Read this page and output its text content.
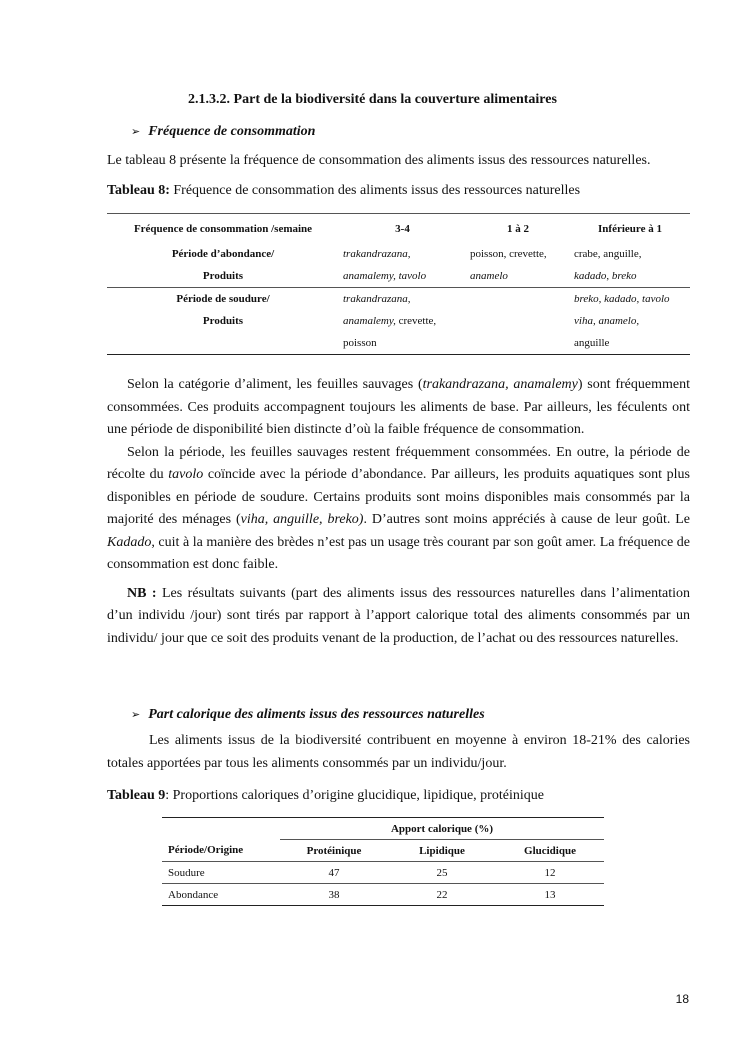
2.1.3.2. Part de la biodiversité dans la couverture alimentaires
➢ Fréquence de consommation
Le tableau 8 présente la fréquence de consommation des aliments issus des ressources naturelles.
Tableau 8: Fréquence de consommation des aliments issus des ressources naturelles
Fréquence de consommation /semaine	3-4	1 à 2	Inférieure à 1
Période d’abondance/	trakandrazana,	poisson, crevette,	crabe, anguille,
Produits	anamalemy, tavolo	anamelo	kadado, breko
Période de soudure/	trakandrazana,		breko, kadado, tavolo
Produits	anamalemy, crevette,		viha, anamelo,
	poisson		anguille

Selon la catégorie d’aliment, les feuilles sauvages (trakandrazana, anamalemy) sont fréquemment consommées. Ces produits accompagnent toujours les aliments de base. Par ailleurs, les féculents ont une période de disponibilité bien distincte d’où la faible fréquence de consommation.

Selon la période, les feuilles sauvages restent fréquemment consommées. En outre, la période de récolte du tavolo coïncide avec la période d’abondance. Par ailleurs, les produits aquatiques sont plus disponibles en période de soudure. Certains produits sont moins disponibles mais consommés par la majorité des ménages (viha, anguille, breko). D’autres sont moins appréciés à cause de leur goût. Le Kadado, cuit à la manière des brèdes n’est pas un usage très courant par son goût amer. La fréquence de consommation est donc faible.

NB : Les résultats suivants (part des aliments issus des ressources naturelles dans l’alimentation d’un individu /jour) sont tirés par rapport à l’apport calorique total des aliments consommés par un individu/ jour que ce soit des produits venant de la production, de l’achat ou des ressources naturelles.

➢ Part calorique des aliments issus des ressources naturelles

Les aliments issus de la biodiversité contribuent en moyenne à environ 18-21% des calories totales apportées par tous les aliments consommés par un individu/jour.

Tableau 9: Proportions caloriques d’origine glucidique, lipidique, protéinique
	Apport calorique (%)		
Période/Origine	Protéinique	Lipidique	Glucidique
Soudure	47	25	12
Abondance	38	22	13
18
